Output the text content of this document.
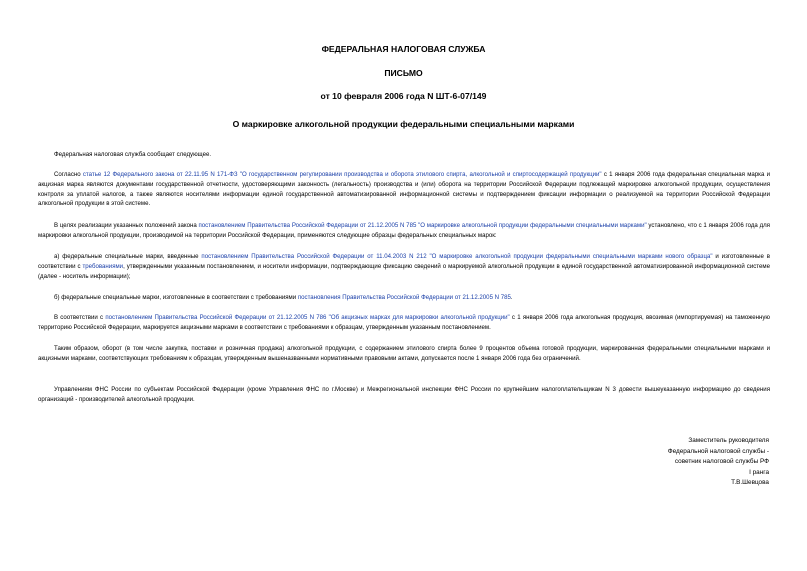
ФЕДЕРАЛЬНАЯ НАЛОГОВАЯ СЛУЖБА
ПИСЬМО
от 10 февраля 2006 года N ШТ-6-07/149
О маркировке алкогольной продукции федеральными специальными марками

Федеральная налоговая служба сообщает следующее.

Согласно статье 12 Федерального закона от 22.11.95 N 171-ФЗ "О государственном регулировании производства и оборота этилового спирта, алкогольной и спиртосодержащей продукции" с 1 января 2006 года федеральная специальная марка и акцизная марка являются документами государственной отчетности, удостоверяющими законность (легальность) производства и (или) оборота на территории Российской Федерации подлежащей маркировке алкогольной продукции, осуществления контроля за уплатой налогов, а также являются носителями информации единой государственной автоматизированной информационной системы и подтверждением фиксации информации о реализуемой на территории Российской Федерации алкогольной продукции в этой системе.

В целях реализации указанных положений закона постановлением Правительства Российской Федерации от 21.12.2005 N 785 "О маркировке алкогольной продукции федеральными специальными марками" установлено, что с 1 января 2006 года для маркировки алкогольной продукции, производимой на территории Российской Федерации, применяются следующие образцы федеральных специальных марок:

а) федеральные специальные марки, введенные постановлением Правительства Российской Федерации от 11.04.2003 N 212 "О маркировке алкогольной продукции федеральными специальными марками нового образца" и изготовленные в соответствии с требованиями, утвержденными указанным постановлением, и носители информации, подтверждающие фиксацию сведений о маркируемой алкогольной продукции в единой государственной автоматизированной информационной системе (далее - носитель информации);

б) федеральные специальные марки, изготовленные в соответствии с требованиями постановления Правительства Российской Федерации от 21.12.2005 N 785.

В соответствии с постановлением Правительства Российской Федерации от 21.12.2005 N 786 "Об акцизных марках для маркировки алкогольной продукции" с 1 января 2006 года алкогольная продукция, ввозимая (импортируемая) на таможенную территорию Российской Федерации, маркируется акцизными марками в соответствии с требованиями к образцам, утвержденным указанным постановлением.

Таким образом, оборот (в том числе закупка, поставки и розничная продажа) алкогольной продукции, с содержанием этилового спирта более 9 процентов объема готовой продукции, маркированная федеральными специальными марками и акцизными марками, соответствующих требованиям к образцам, утвержденным вышеназванными нормативными правовыми актами, допускается после 1 января 2006 года без ограничений.

Управлениям ФНС России по субъектам Российской Федерации (кроме Управления ФНС по г.Москве) и Межрегиональной инспекции ФНС России по крупнейшим налогоплательщикам N 3 довести вышеуказанную информацию до сведения организаций - производителей алкогольной продукции.

Заместитель руководителя
Федеральной налоговой службы -
советник налоговой службы РФ
I ранга
Т.В.Шевцова
